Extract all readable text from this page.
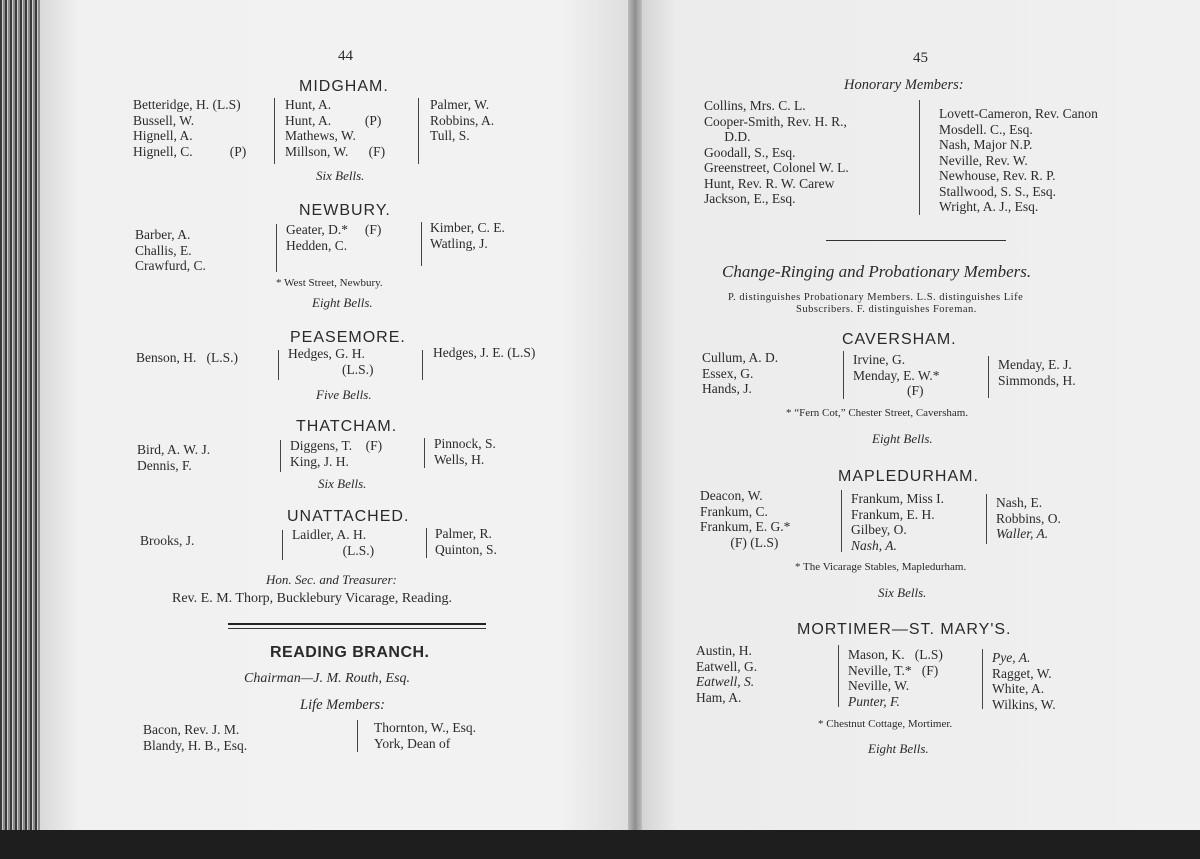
44
MIDGHAM.
Betteridge, H. (L.S)
Bussell, W.
Hignell, A.
Hignell, C.           (P)
Hunt, A.
Hunt, A.          (P)
Mathews, W.
Millson, W.      (F)
Palmer, W.
Robbins, A.
Tull, S.
Six Bells.
NEWBURY.
Barber, A.
Challis, E.
Crawfurd, C.
Geater, D.*     (F)
Hedden, C.
Kimber, C. E.
Watling, J.
* West Street, Newbury.
Eight Bells.
PEASEMORE.
Benson, H.   (L.S.)	Hedges, G. H.
(L.S.)
Hedges, J. E. (L.S)
Five Bells.
THATCHAM.
Bird, A. W. J.
Dennis, F.
Diggens, T.    (F)
King, J. H.
Pinnock, S.
Wells, H.
Six Bells.
UNATTACHED.
Brooks, J.	Laidler, A. H.
(L.S.)
Palmer, R.
Quinton, S.
Hon. Sec. and Treasurer:
Rev. E. M. Thorp, Bucklebury Vicarage, Reading.
READING BRANCH.
Chairman—J. M. Routh, Esq.
Life Members:
Bacon, Rev. J. M.
Blandy, H. B., Esq.
Thornton, W., Esq.
York, Dean of
45
Honorary Members:
Collins, Mrs. C. L.
Cooper-Smith, Rev. H. R.,
D.D.
Goodall, S., Esq.
Greenstreet, Colonel W. L.
Hunt, Rev. R. W. Carew
Jackson, E., Esq.
Lovett-Cameron, Rev. Canon
Mosdell. C., Esq.
Nash, Major N.P.
Neville, Rev. W.
Newhouse, Rev. R. P.
Stallwood, S. S., Esq.
Wright, A. J., Esq.
Change-Ringing and Probationary Members.
P. distinguishes Probationary Members. L.S. distinguishes Life
Subscribers. F. distinguishes Foreman.
CAVERSHAM.
Cullum, A. D.
Essex, G.
Hands, J.
Irvine, G.
Menday, E. W.*
(F)
Menday, E. J.
Simmonds, H.
* “Fern Cot,” Chester Street, Caversham.
Eight Bells.
MAPLEDURHAM.
Deacon, W.
Frankum, C.
Frankum, E. G.*
(F) (L.S)
Frankum, Miss I.
Frankum, E. H.
Gilbey, O.
Nash, A.
Nash, E.
Robbins, O.
Waller, A.
* The Vicarage Stables, Mapledurham.
Six Bells.
MORTIMER—ST. MARY'S.
Austin, H.
Eatwell, G.
Eatwell, S.
Ham, A.
Mason, K.   (L.S)
Neville, T.*   (F)
Neville, W.
Punter, F.
Pye, A.
Ragget, W.
White, A.
Wilkins, W.
* Chestnut Cottage, Mortimer.
Eight Bells.
